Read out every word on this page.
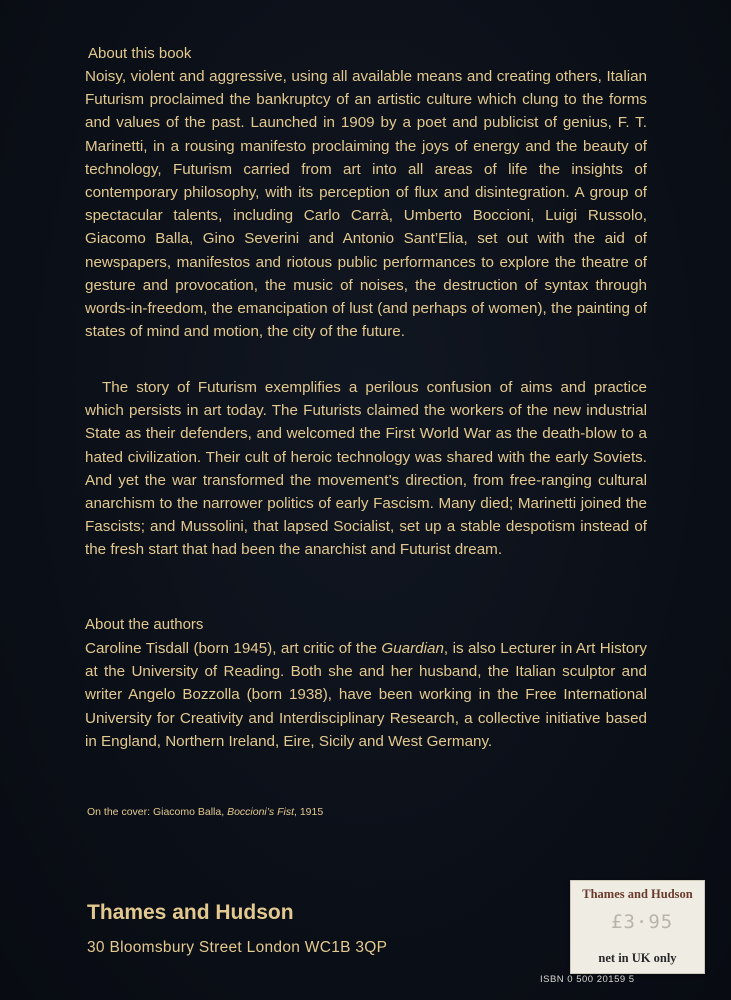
About this book

Noisy, violent and aggressive, using all available means and creating others, Italian Futurism proclaimed the bankruptcy of an artistic culture which clung to the forms and values of the past. Launched in 1909 by a poet and publicist of genius, F. T. Marinetti, in a rousing manifesto proclaiming the joys of energy and the beauty of technology, Futurism carried from art into all areas of life the insights of contemporary philosophy, with its perception of flux and disintegration. A group of spectacular talents, including Carlo Carrà, Umberto Boccioni, Luigi Russolo, Giacomo Balla, Gino Severini and Antonio Sant’Elia, set out with the aid of newspapers, manifestos and riotous public performances to explore the theatre of gesture and provocation, the music of noises, the destruction of syntax through words-in-freedom, the emancipation of lust (and perhaps of women), the painting of states of mind and motion, the city of the future.

The story of Futurism exemplifies a perilous confusion of aims and practice which persists in art today. The Futurists claimed the workers of the new industrial State as their defenders, and welcomed the First World War as the death-blow to a hated civilization. Their cult of heroic technology was shared with the early Soviets. And yet the war transformed the movement’s direction, from free-ranging cultural anarchism to the narrower politics of early Fascism. Many died; Marinetti joined the Fascists; and Mussolini, that lapsed Socialist, set up a stable despotism instead of the fresh start that had been the anarchist and Futurist dream.

About the authors

Caroline Tisdall (born 1945), art critic of the Guardian, is also Lecturer in Art History at the University of Reading. Both she and her husband, the Italian sculptor and writer Angelo Bozzolla (born 1938), have been working in the Free International University for Creativity and Interdisciplinary Research, a collective initiative based in England, Northern Ireland, Eire, Sicily and West Germany.

On the cover: Giacomo Balla, Boccioni’s Fist, 1915
Thames and Hudson
30 Bloomsbury Street London WC1B 3QP
Thames and Hudson
£3·95
net in UK only
ISBN 0 500 20159 5
